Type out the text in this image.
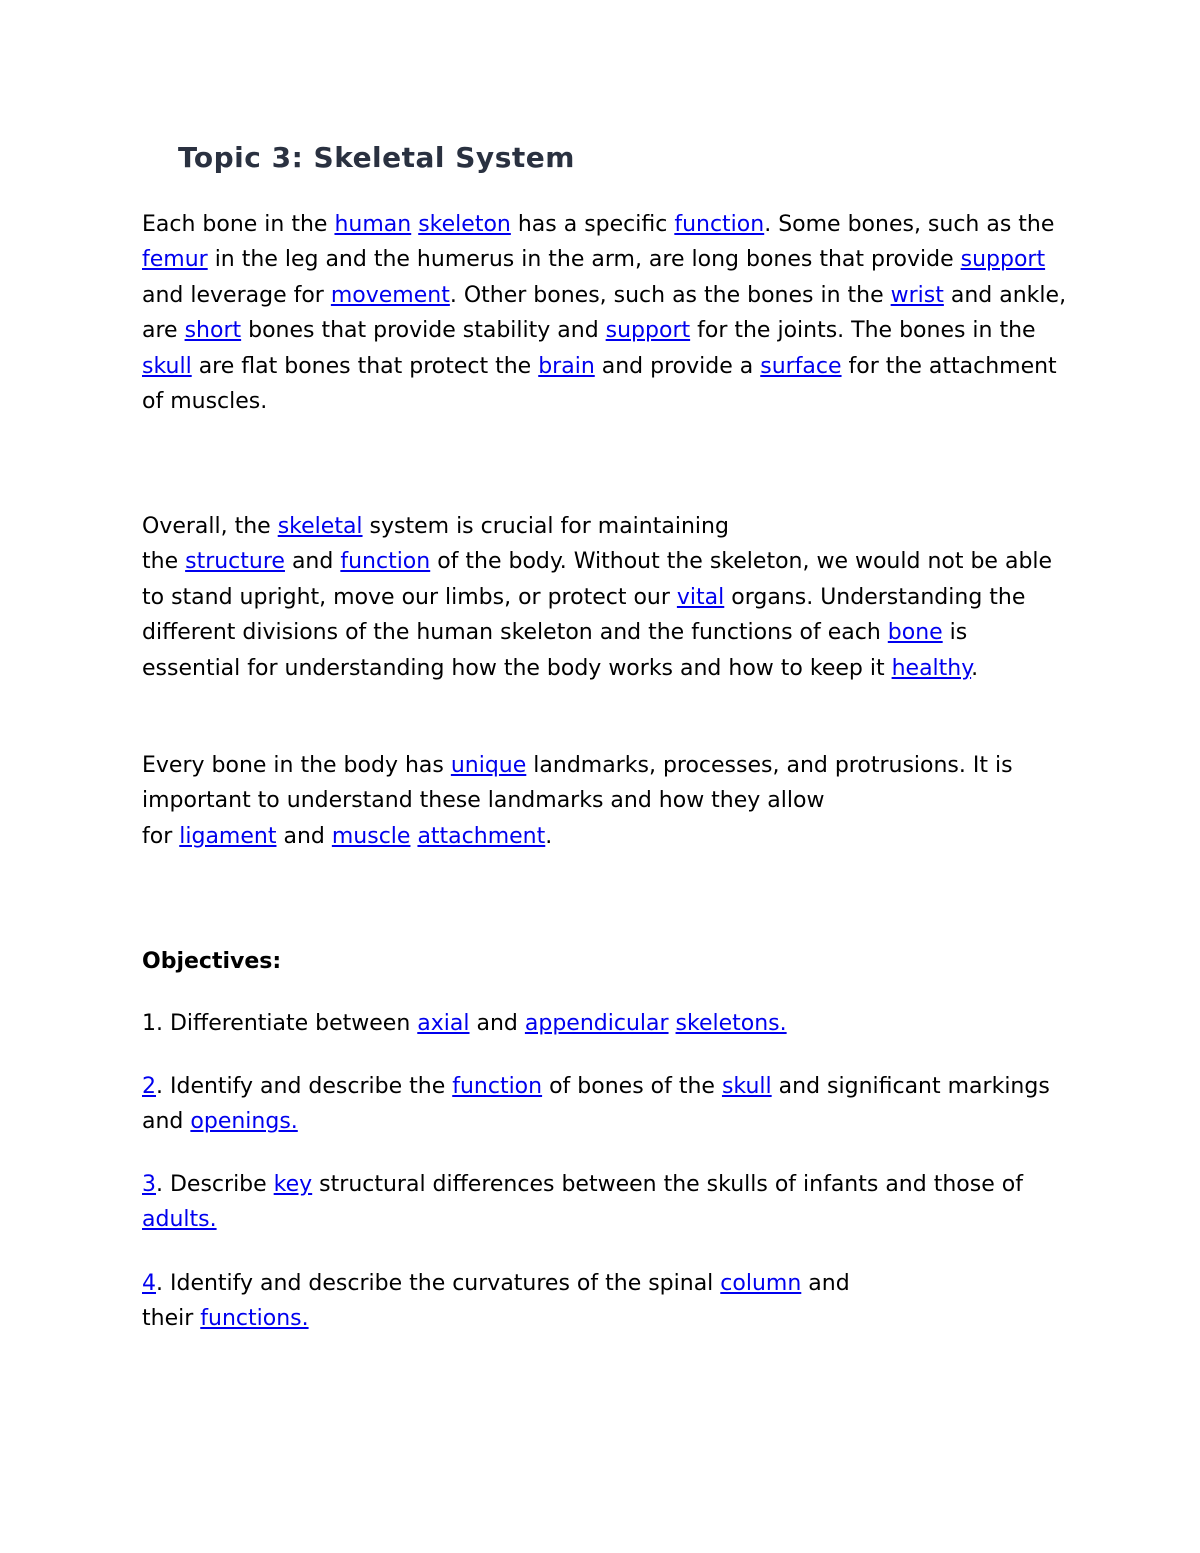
Topic 3: Skeletal System

Each bone in the human skeleton has a specific function. Some bones, such as the femur in the leg and the humerus in the arm, are long bones that provide support and leverage for movement. Other bones, such as the bones in the wrist and ankle, are short bones that provide stability and support for the joints. The bones in the skull are flat bones that protect the brain and provide a surface for the attachment of muscles.

Overall, the skeletal system is crucial for maintaining
the structure and function of the body. Without the skeleton, we would not be able to stand upright, move our limbs, or protect our vital organs. Understanding the different divisions of the human skeleton and the functions of each bone is essential for understanding how the body works and how to keep it healthy.

Every bone in the body has unique landmarks, processes, and protrusions. It is important to understand these landmarks and how they allow
for ligament and muscle attachment.

Objectives:

1. Differentiate between axial and appendicular skeletons.

2. Identify and describe the function of bones of the skull and significant markings and openings.

3. Describe key structural differences between the skulls of infants and those of adults.

4. Identify and describe the curvatures of the spinal column and
their functions.
